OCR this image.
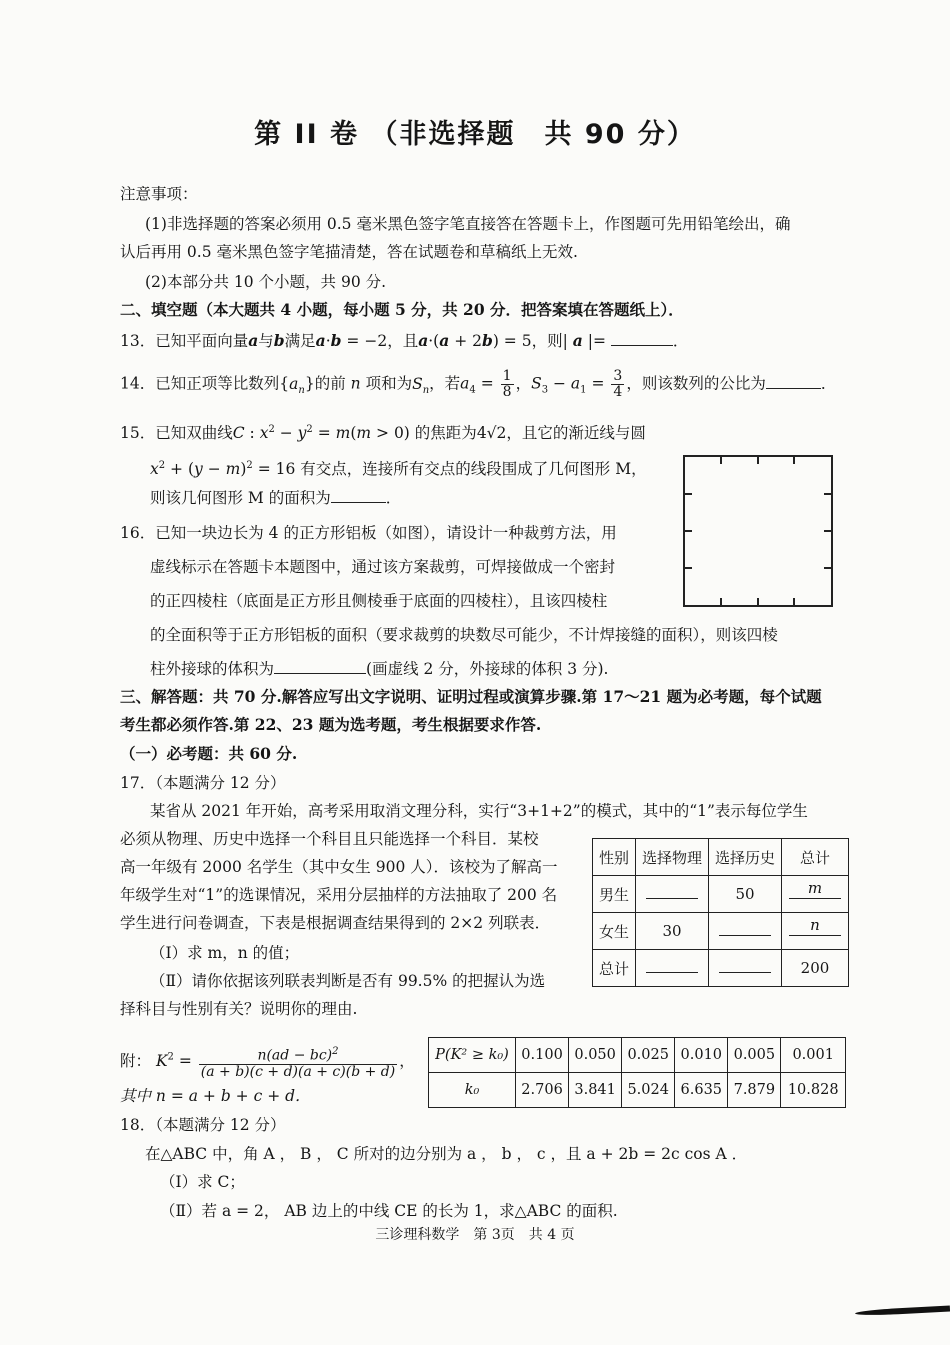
第 II 卷 （非选择题　共 90 分）
注意事项：
(1)非选择题的答案必须用 0.5 毫米黑色签字笔直接答在答题卡上，作图题可先用铅笔绘出，确
认后再用 0.5 毫米黑色签字笔描清楚，答在试题卷和草稿纸上无效.
(2)本部分共 10 个小题，共 90 分.
二、填空题（本大题共 4 小题，每小题 5 分，共 20 分．把答案填在答题纸上）．
13．已知平面向量a与b满足a·b = −2，且a·(a + 2b) = 5，则| a |=	．
14．已知正项等比数列$\{a_n\}$的前 n 项和为$S_n$，若$a_4 = \frac{1}{8}$ ，$S_3 - a_1 = \frac{3}{4}$ ，则该数列的公比为	．
15．已知双曲线C : $x^2 - y^2 = m(m > 0)$ 的焦距为4√2，且它的渐近线与圆
$x^2 + (y - m)^2 = 16$ 有交点，连接所有交点的线段围成了几何图形 M，
则该几何图形 M 的面积为	．
16．已知一块边长为 4 的正方形铝板（如图），请设计一种裁剪方法，用
虚线标示在答题卡本题图中，通过该方案裁剪，可焊接做成一个密封
的正四棱柱（底面是正方形且侧棱垂于底面的四棱柱），且该四棱柱
的全面积等于正方形铝板的面积（要求裁剪的块数尽可能少，不计焊接缝的面积），则该四棱
柱外接球的体积为	(画虚线 2 分，外接球的体积 3 分).
三、解答题：共 70 分.解答应写出文字说明、证明过程或演算步骤.第 17～21 题为必考题，每个试题
考生都必须作答.第 22、23 题为选考题，考生根据要求作答.
（一）必考题：共 60 分.
17．（本题满分 12 分）
某省从 2021 年开始，高考采用取消文理分科，实行“3+1+2”的模式，其中的“1”表示每位学生
必须从物理、历史中选择一个科目且只能选择一个科目．某校
高一年级有 2000 名学生（其中女生 900 人）．该校为了解高一
年级学生对“1”的选课情况，采用分层抽样的方法抽取了 200 名
学生进行问卷调查，下表是根据调查结果得到的 2×2 列联表．
（Ⅰ）求 m，n 的值；
（Ⅱ）请你依据该列联表判断是否有 99.5% 的把握认为选
择科目与性别有关？说明你的理由.
性别	选择物理	选择历史	总计
男生		50	m

女生	30		n

总计			200
附： $K^2 = \frac{n(ad - bc)^2}{(a + b)(c + d)(a + c)(b + d)}$ ，
其中 n = a + b + c + d．
P(K² ≥ k₀)	0.100	0.050	0.025	0.010	0.005	0.001
k₀	2.706	3.841	5.024	6.635	7.879	10.828
18．（本题满分 12 分）
在△ABC 中，角 A ， B ， C 所对的边分别为 a ， b ， c ，且 a + 2b = 2c cos A ．
（Ⅰ）求 C；
（Ⅱ）若 a = 2， AB 边上的中线 CE 的长为 1，求△ABC 的面积.
三诊理科数学　第 3页　共 4 页
